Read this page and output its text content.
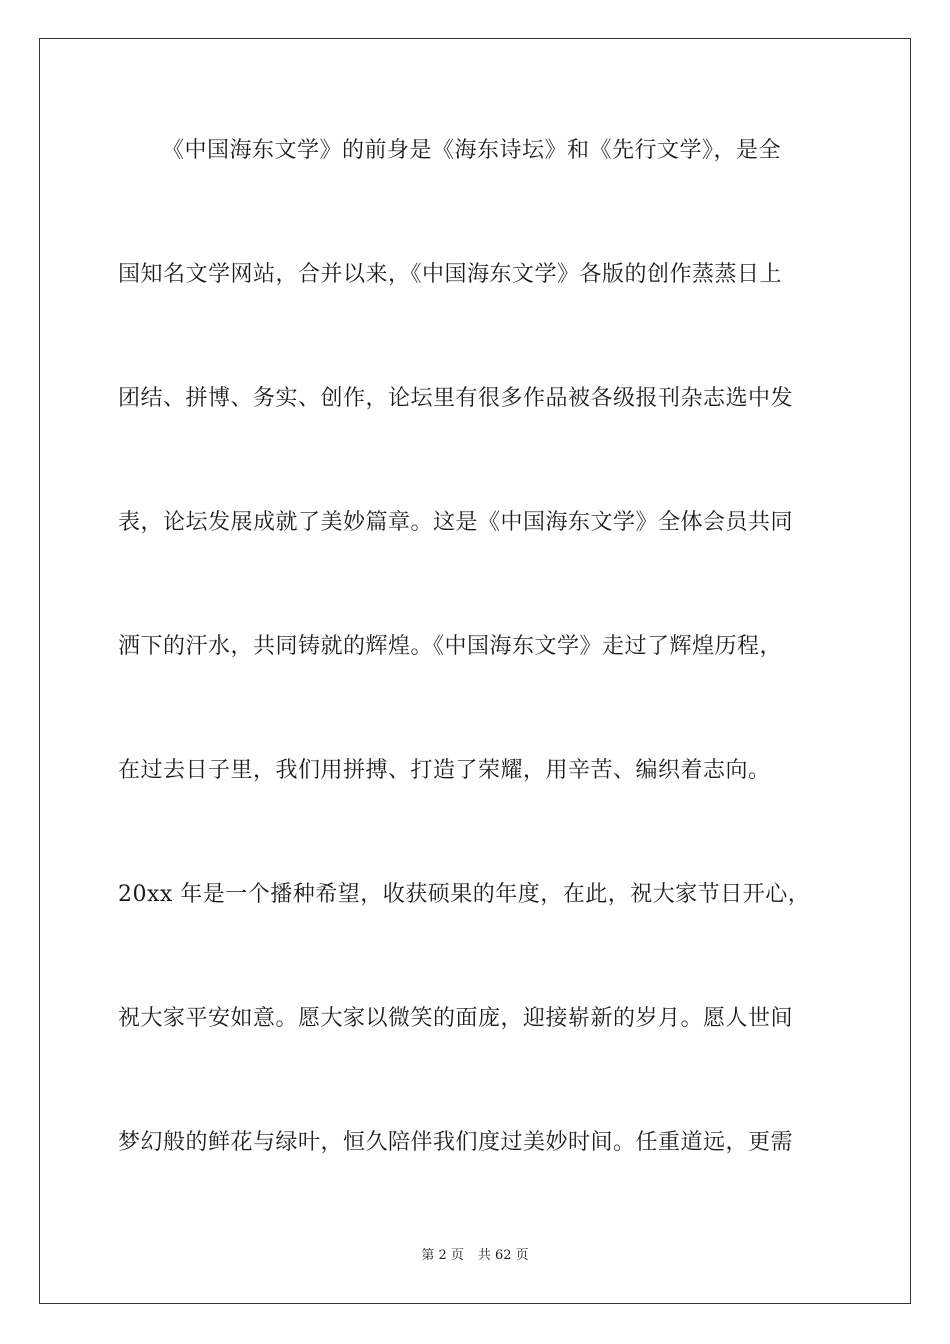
《中国海东文学》的前身是《海东诗坛》和《先行文学》，是全

国知名文学网站，合并以来，《中国海东文学》各版的创作蒸蒸日上

团结、拼博、务实、创作，论坛里有很多作品被各级报刊杂志选中发

表，论坛发展成就了美妙篇章。这是《中国海东文学》全体会员共同

洒下的汗水，共同铸就的辉煌。《中国海东文学》走过了辉煌历程，

在过去日子里，我们用拼搏、打造了荣耀，用辛苦、编织着志向。

20xx 年是一个播种希望，收获硕果的年度，在此，祝大家节日开心，

祝大家平安如意。愿大家以微笑的面庞，迎接崭新的岁月。愿人世间

梦幻般的鲜花与绿叶，恒久陪伴我们度过美妙时间。任重道远，更需

第 2 页 共 62 页
